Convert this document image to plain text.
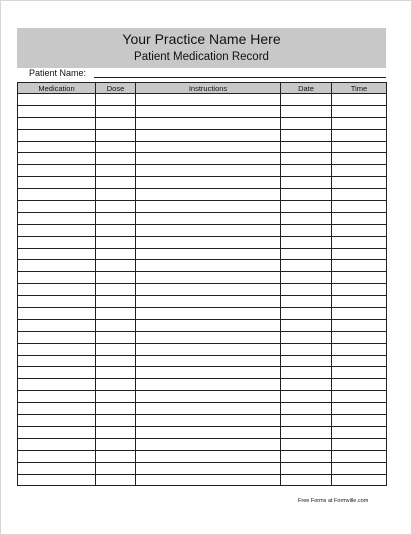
Your Practice Name Here
Patient Medication Record
Patient Name:
Medication	Dose	Instructions	Date	Time

Free Forms at Formville.com
